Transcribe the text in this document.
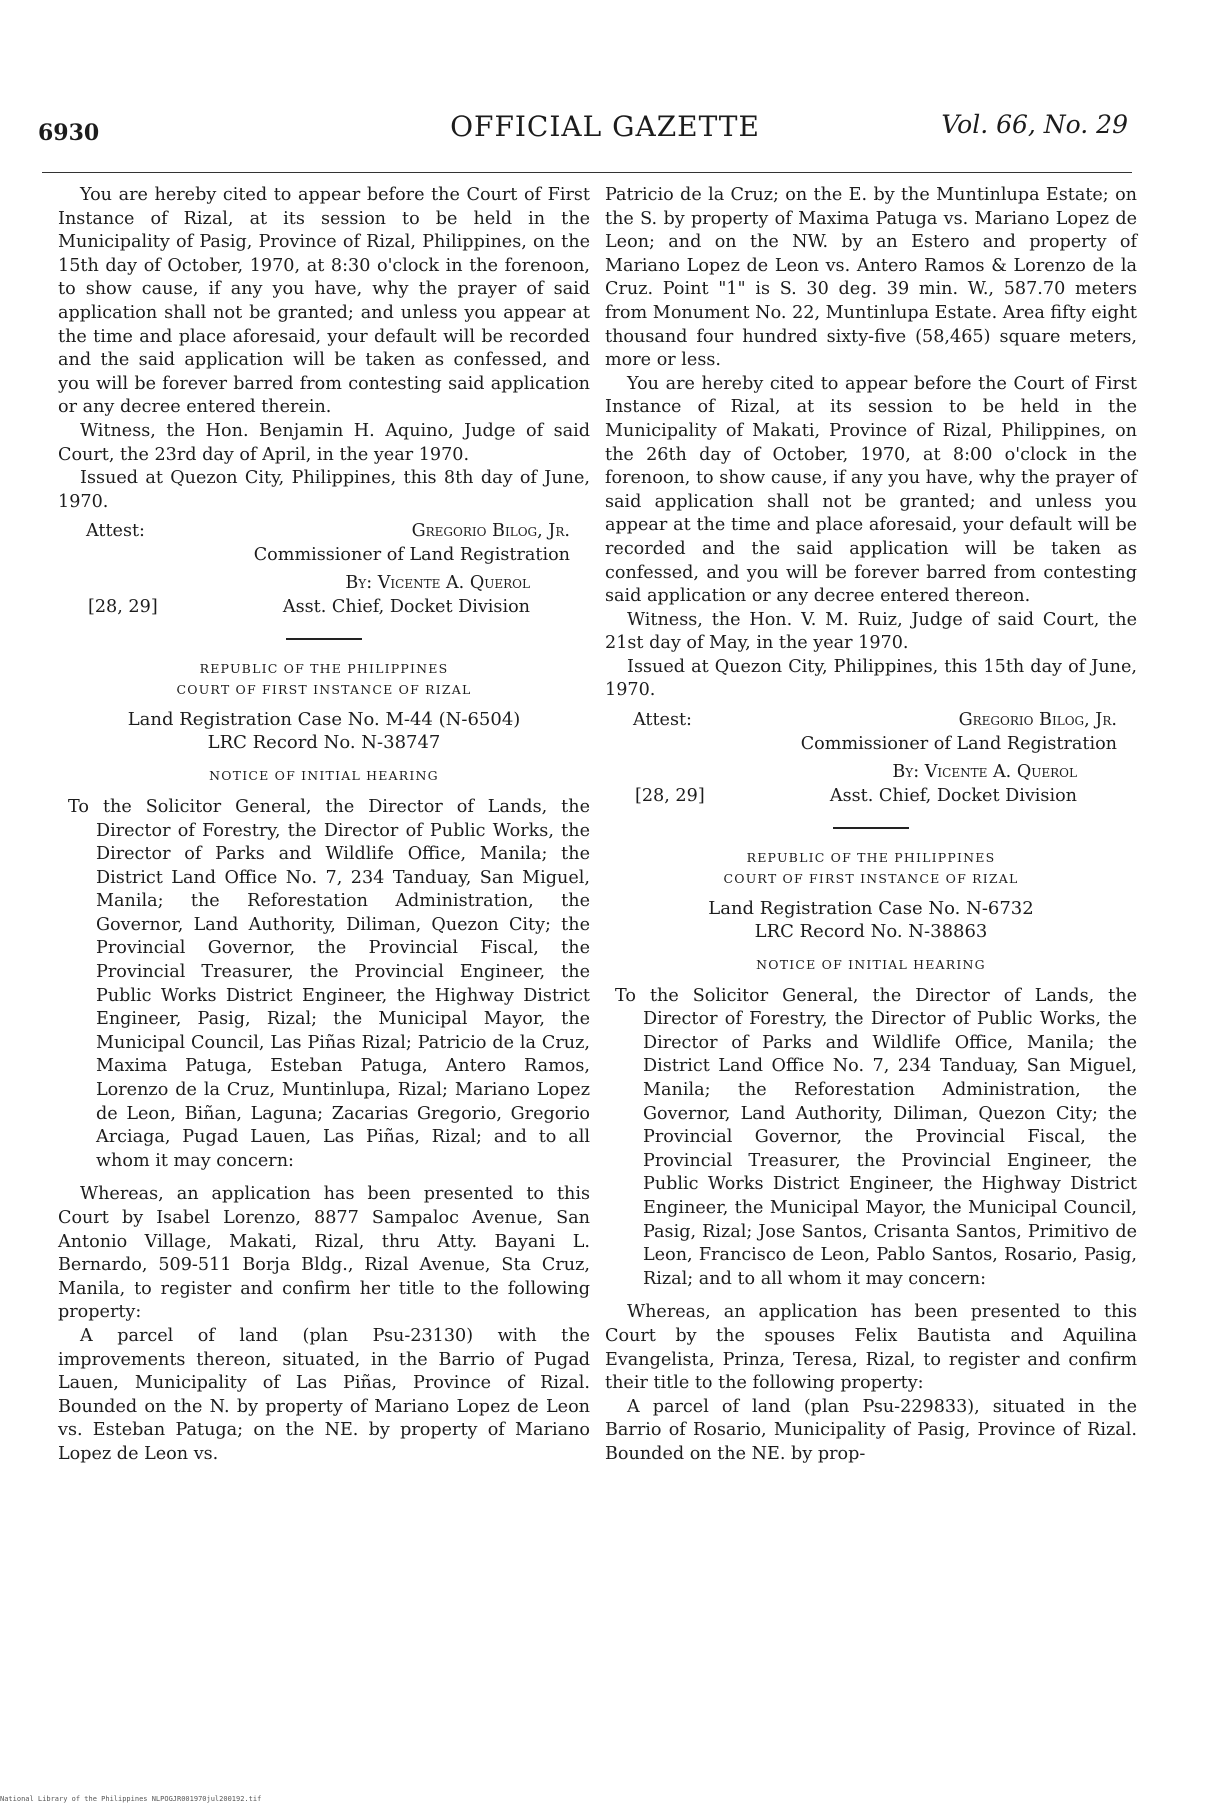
6930	OFFICIAL GAZETTE	Vol. 66, No. 29

You are hereby cited to appear before the Court of First Instance of Rizal, at its session to be held in the Municipality of Pasig, Province of Rizal, Philippines, on the 15th day of October, 1970, at 8:30 o'clock in the forenoon, to show cause, if any you have, why the prayer of said application shall not be granted; and unless you appear at the time and place aforesaid, your default will be recorded and the said application will be taken as confessed, and you will be forever barred from contesting said application or any decree entered therein.

Witness, the Hon. Benjamin H. Aquino, Judge of said Court, the 23rd day of April, in the year 1970.

Issued at Quezon City, Philippines, this 8th day of June, 1970.

Attest:	Gregorio Bilog, Jr.
Commissioner of Land Registration
By: Vicente A. Querol
[28, 29]	Asst. Chief, Docket Division
REPUBLIC OF THE PHILIPPINES
COURT OF FIRST INSTANCE OF RIZAL
Land Registration Case No. M-44 (N-6504)
LRC Record No. N-38747
NOTICE OF INITIAL HEARING

To the Solicitor General, the Director of Lands, the Director of Forestry, the Director of Public Works, the Director of Parks and Wildlife Office, Manila; the District Land Office No. 7, 234 Tanduay, San Miguel, Manila; the Reforestation Administration, the Governor, Land Authority, Diliman, Quezon City; the Provincial Governor, the Provincial Fiscal, the Provincial Treasurer, the Provincial Engineer, the Public Works District Engineer, the Highway District Engineer, Pasig, Rizal; the Municipal Mayor, the Municipal Council, Las Piñas Rizal; Patricio de la Cruz, Maxima Patuga, Esteban Patuga, Antero Ramos, Lorenzo de la Cruz, Muntinlupa, Rizal; Mariano Lopez de Leon, Biñan, Laguna; Zacarias Gregorio, Gregorio Arciaga, Pugad Lauen, Las Piñas, Rizal; and to all whom it may concern:

Whereas, an application has been presented to this Court by Isabel Lorenzo, 8877 Sampaloc Avenue, San Antonio Village, Makati, Rizal, thru Atty. Bayani L. Bernardo, 509-511 Borja Bldg., Rizal Avenue, Sta Cruz, Manila, to register and confirm her title to the following property:

A parcel of land (plan Psu-23130) with the improvements thereon, situated, in the Barrio of Pugad Lauen, Municipality of Las Piñas, Province of Rizal. Bounded on the N. by property of Mariano Lopez de Leon vs. Esteban Patuga; on the NE. by property of Mariano Lopez de Leon vs.

Patricio de la Cruz; on the E. by the Muntinlupa Estate; on the S. by property of Maxima Patuga vs. Mariano Lopez de Leon; and on the NW. by an Estero and property of Mariano Lopez de Leon vs. Antero Ramos & Lorenzo de la Cruz. Point "1" is S. 30 deg. 39 min. W., 587.70 meters from Monument No. 22, Muntinlupa Estate. Area fifty eight thousand four hundred sixty-five (58,465) square meters, more or less.

You are hereby cited to appear before the Court of First Instance of Rizal, at its session to be held in the Municipality of Makati, Province of Rizal, Philippines, on the 26th day of October, 1970, at 8:00 o'clock in the forenoon, to show cause, if any you have, why the prayer of said application shall not be granted; and unless you appear at the time and place aforesaid, your default will be recorded and the said application will be taken as confessed, and you will be forever barred from contesting said application or any decree entered thereon.

Witness, the Hon. V. M. Ruiz, Judge of said Court, the 21st day of May, in the year 1970.

Issued at Quezon City, Philippines, this 15th day of June, 1970.

Attest:	Gregorio Bilog, Jr.
Commissioner of Land Registration
By: Vicente A. Querol
[28, 29]	Asst. Chief, Docket Division
REPUBLIC OF THE PHILIPPINES
COURT OF FIRST INSTANCE OF RIZAL
Land Registration Case No. N-6732
LRC Record No. N-38863
NOTICE OF INITIAL HEARING

To the Solicitor General, the Director of Lands, the Director of Forestry, the Director of Public Works, the Director of Parks and Wildlife Office, Manila; the District Land Office No. 7, 234 Tanduay, San Miguel, Manila; the Reforestation Administration, the Governor, Land Authority, Diliman, Quezon City; the Provincial Governor, the Provincial Fiscal, the Provincial Treasurer, the Provincial Engineer, the Public Works District Engineer, the Highway District Engineer, the Municipal Mayor, the Municipal Council, Pasig, Rizal; Jose Santos, Crisanta Santos, Primitivo de Leon, Francisco de Leon, Pablo Santos, Rosario, Pasig, Rizal; and to all whom it may concern:

Whereas, an application has been presented to this Court by the spouses Felix Bautista and Aquilina Evangelista, Prinza, Teresa, Rizal, to register and confirm their title to the following property:

A parcel of land (plan Psu-229833), situated in the Barrio of Rosario, Municipality of Pasig, Province of Rizal. Bounded on the NE. by prop-

National Library of the Philippines NLPOGJR001970jul200192.tif
